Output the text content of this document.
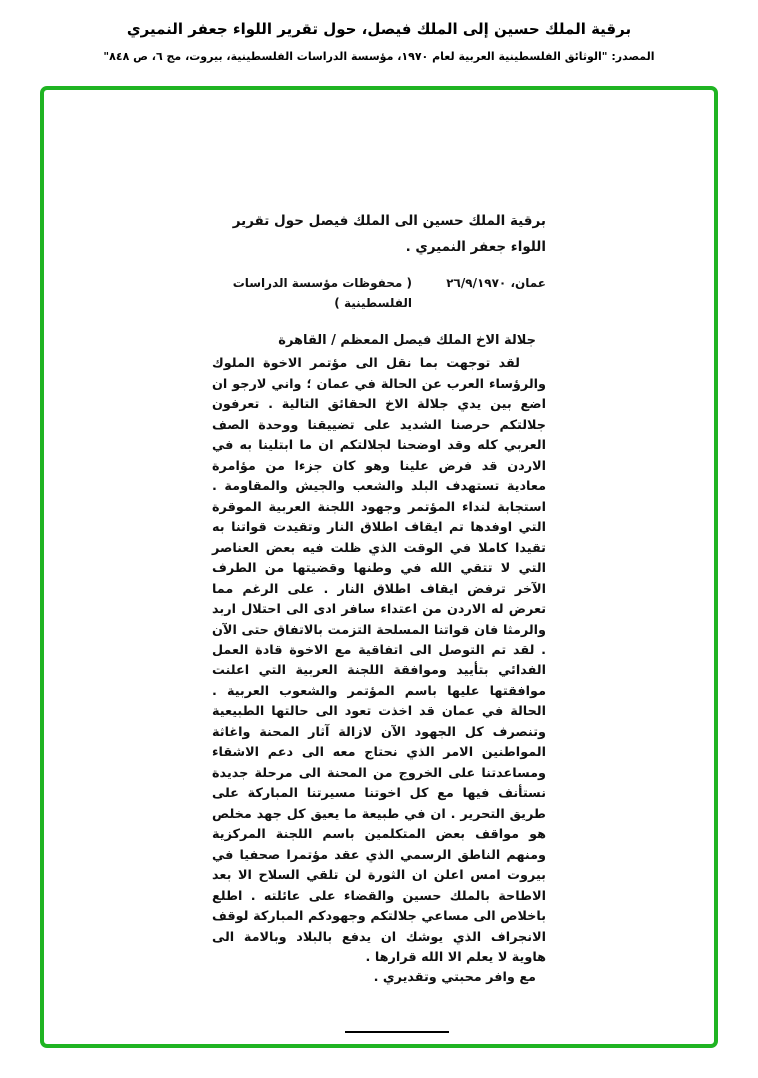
برقية الملك حسين إلى الملك فيصل، حول تقرير اللواء جعفر النميري
المصدر: "الوثائق الفلسطينية العربية لعام ١٩٧٠، مؤسسة الدراسات الفلسطينية، بيروت، مج ٦، ص ٨٤٨"
برقية الملك حسين الى الملك فيصل حول تقرير اللواء جعفر النميري .
عمان، ٢٦/٩/١٩٧٠
( محفوظات مؤسسة الدراسات الفلسطينية )
جلالة الاخ الملك فيصل المعظم / القاهرة

لقد توجهت بما نقل الى مؤتمر الاخوة الملوك والرؤساء العرب عن الحالة في عمان ؛ واني لارجو ان اضع بين يدي جلالة الاخ الحقائق التالية . تعرفون جلالتكم حرصنا الشديد على تضييقنا ووحدة الصف العربي كله وقد اوضحنا لجلالتكم ان ما ابتلينا به في الاردن قد فرض علينا وهو كان جزءا من مؤامرة معادية تستهدف البلد والشعب والجيش والمقاومة . استجابة لنداء المؤتمر وجهود اللجنة العربية الموقرة التي اوفدها تم ايقاف اطلاق النار وتقيدت قواتنا به تقيدا كاملا في الوقت الذي ظلت فيه بعض العناصر التي لا تتقي الله في وطنها وقضيتها من الطرف الآخر ترفض ايقاف اطلاق النار . على الرغم مما تعرض له الاردن من اعتداء سافر ادى الى احتلال اربد والرمثا فان قواتنا المسلحة التزمت بالاتفاق حتى الآن . لقد تم التوصل الى اتفاقية مع الاخوة قادة العمل الفدائي بتأييد وموافقة اللجنة العربية التي اعلنت موافقتها عليها باسم المؤتمر والشعوب العربية . الحالة في عمان قد اخذت تعود الى حالتها الطبيعية وتنصرف كل الجهود الآن لازالة آثار المحنة واغاثة المواطنين الامر الذي نحتاج معه الى دعم الاشقاء ومساعدتنا على الخروج من المحنة الى مرحلة جديدة نستأنف فيها مع كل اخوتنا مسيرتنا المباركة على طريق التحرير . ان في طبيعة ما يعيق كل جهد مخلص هو مواقف بعض المتكلمين باسم اللجنة المركزية ومنهم الناطق الرسمي الذي عقد مؤتمرا صحفيا في بيروت امس اعلن ان الثورة لن تلقي السلاح الا بعد الاطاحة بالملك حسين والقضاء على عائلته . اطلع باخلاص الى مساعي جلالتكم وجهودكم المباركة لوقف الانجراف الذي يوشك ان يدفع بالبلاد وبالامة الى هاوية لا يعلم الا الله قرارها .

مع وافر محبتي وتقديري .
